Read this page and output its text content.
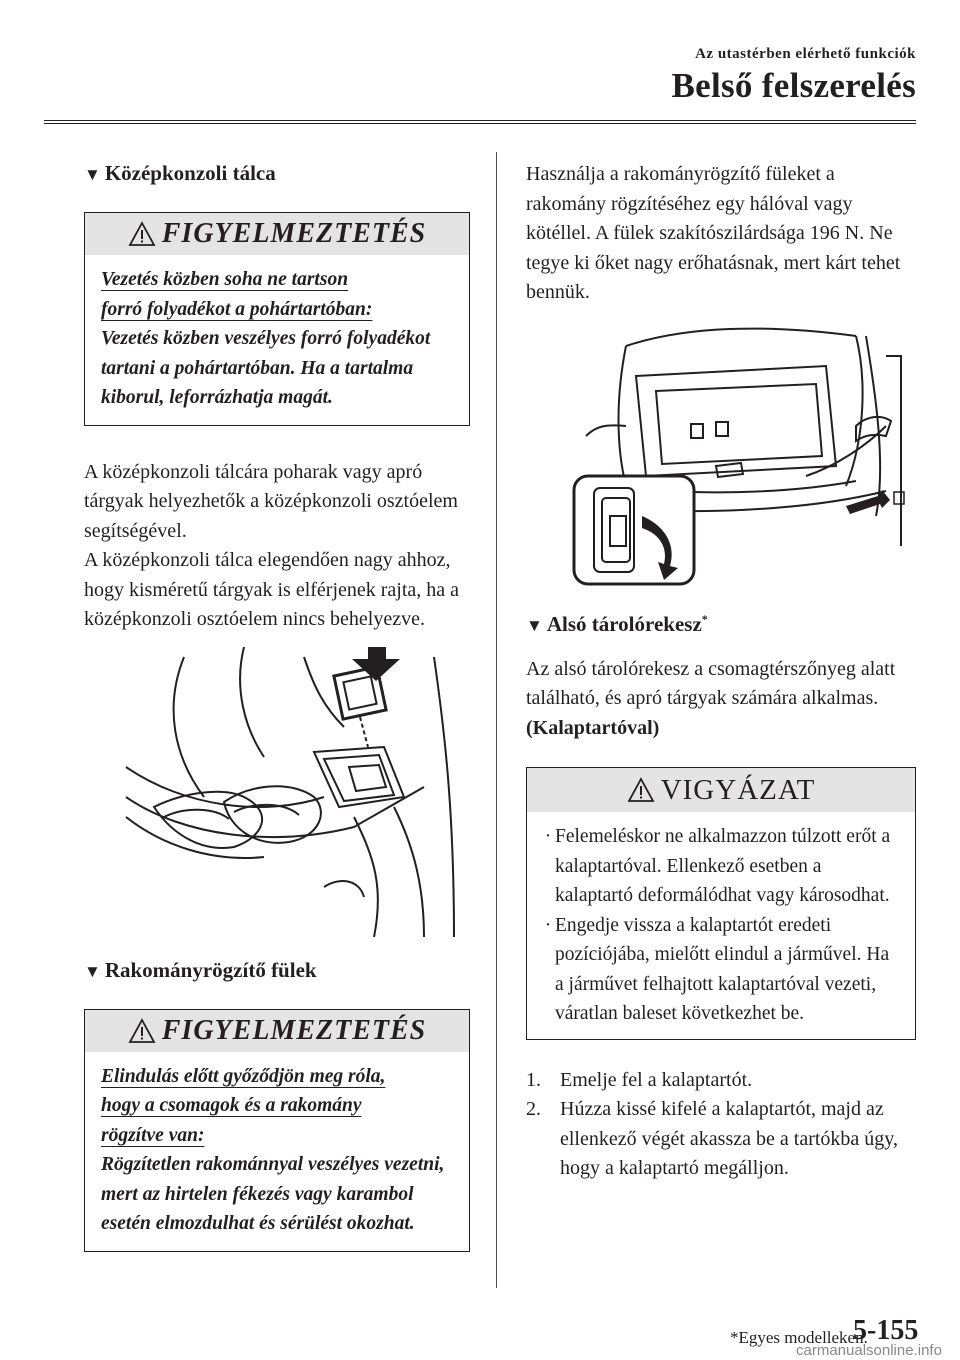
Az utastérben elérhető funkciók
Belső felszerelés

▼ Középkonzoli tálca

FIGYELMEZTETÉS
Vezetés közben soha ne tartson
forró folyadékot a pohártartóban:
Vezetés közben veszélyes forró folyadékot tartani a pohártartóban. Ha a tartalma kiborul, leforrázhatja magát.

A középkonzoli tálcára poharak vagy apró tárgyak helyezhetők a középkonzoli osztóelem segítségével.

A középkonzoli tálca elegendően nagy ahhoz, hogy kisméretű tárgyak is elférjenek rajta, ha a középkonzoli osztóelem nincs behelyezve.

▼ Rakományrögzítő fülek

FIGYELMEZTETÉS
Elindulás előtt győződjön meg róla,
hogy a csomagok és a rakomány
rögzítve van:
Rögzítetlen rakománnyal veszélyes vezetni, mert az hirtelen fékezés vagy karambol esetén elmozdulhat és sérülést okozhat.

Használja a rakományrögzítő füleket a rakomány rögzítéséhez egy hálóval vagy kötéllel. A fülek szakítószilárdsága 196 N. Ne tegye ki őket nagy erőhatásnak, mert kárt tehet bennük.

▼ Alsó tárolórekesz*

Az alsó tárolórekesz a csomagtérszőnyeg alatt található, és apró tárgyak számára alkalmas.

(Kalaptartóval)

VIGYÁZAT
· Felemeléskor ne alkalmazzon túlzott erőt a kalaptartóval. Ellenkező esetben a kalaptartó deformálódhat vagy károsodhat.
· Engedje vissza a kalaptartót eredeti pozíciójába, mielőtt elindul a járművel. Ha a járművet felhajtott kalaptartóval vezeti, váratlan baleset következhet be.
1. Emelje fel a kalaptartót.
2. Húzza kissé kifelé a kalaptartót, majd az ellenkező végét akassza be a tartókba úgy, hogy a kalaptartó megálljon.
*Egyes modelleken.
5-155
carmanualsonline.info
